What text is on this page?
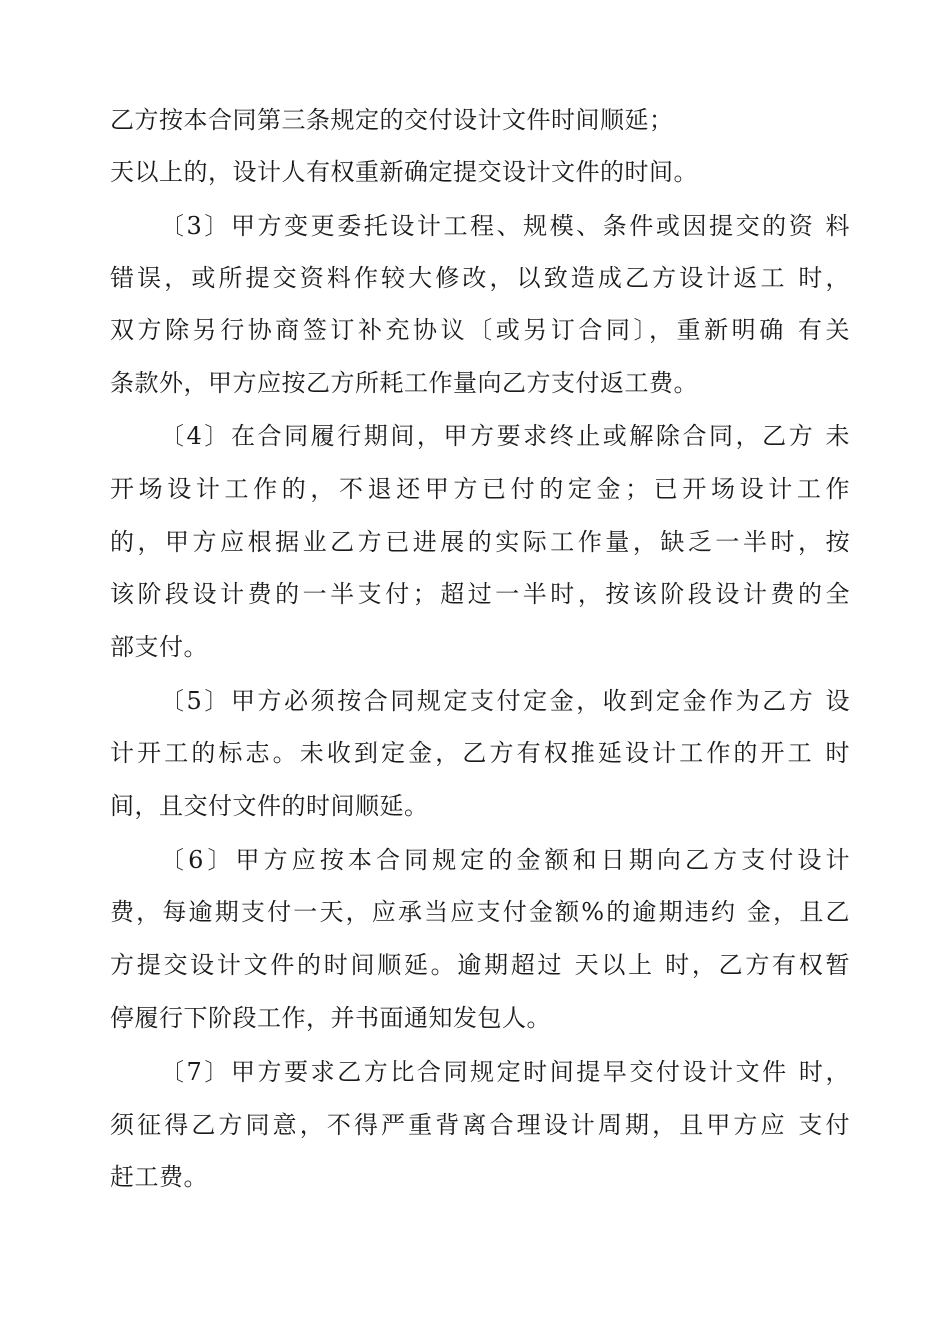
乙方按本合同第三条规定的交付设计文件时间顺延；
天以上的，设计人有权重新确定提交设计文件的时间。
〔3〕甲方变更委托设计工程、规模、条件或因提交的资 料
错误，或所提交资料作较大修改，以致造成乙方设计返工 时，
双方除另行协商签订补充协议〔或另订合同〕，重新明确 有关
条款外，甲方应按乙方所耗工作量向乙方支付返工费。
〔4〕在合同履行期间，甲方要求终止或解除合同，乙方 未
开场设计工作的，不退还甲方已付的定金；已开场设计工作
的，甲方应根据业乙方已进展的实际工作量，缺乏一半时，按
该阶段设计费的一半支付；超过一半时，按该阶段设计费的全
部支付。
〔5〕甲方必须按合同规定支付定金，收到定金作为乙方 设
计开工的标志。未收到定金，乙方有权推延设计工作的开工 时
间，且交付文件的时间顺延。
〔6〕甲方应按本合同规定的金额和日期向乙方支付设计
费，每逾期支付一天，应承当应支付金额%的逾期违约 金，且乙
方提交设计文件的时间顺延。逾期超过 天以上 时，乙方有权暂
停履行下阶段工作，并书面通知发包人。
〔7〕甲方要求乙方比合同规定时间提早交付设计文件 时，
须征得乙方同意，不得严重背离合理设计周期，且甲方应 支付
赶工费。
